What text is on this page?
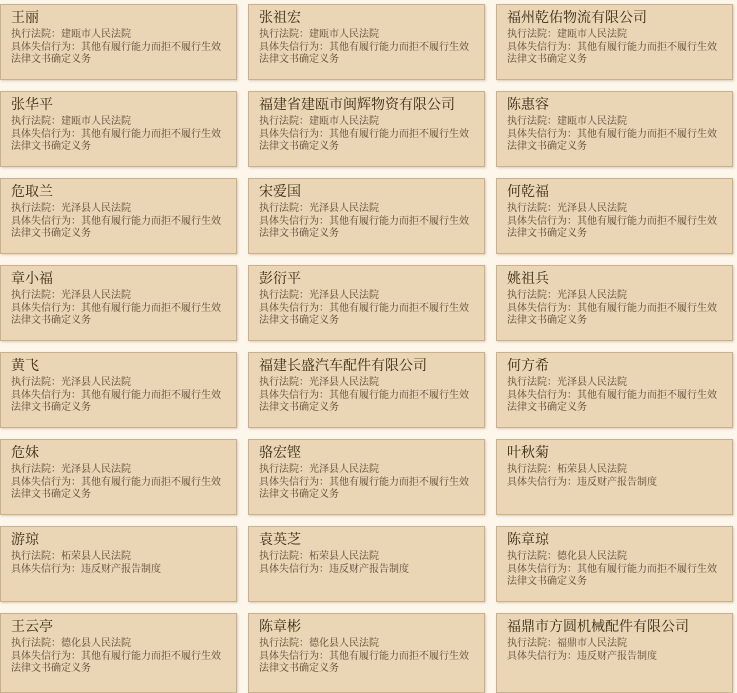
王丽
执行法院：建瓯市人民法院
具体失信行为：其他有履行能力而拒不履行生效法律文书确定义务
张祖宏
执行法院：建瓯市人民法院
具体失信行为：其他有履行能力而拒不履行生效法律文书确定义务
福州乾佑物流有限公司
执行法院：建瓯市人民法院
具体失信行为：其他有履行能力而拒不履行生效法律文书确定义务
张华平
执行法院：建瓯市人民法院
具体失信行为：其他有履行能力而拒不履行生效法律文书确定义务
福建省建瓯市闽辉物资有限公司
执行法院：建瓯市人民法院
具体失信行为：其他有履行能力而拒不履行生效法律文书确定义务
陈惠容
执行法院：建瓯市人民法院
具体失信行为：其他有履行能力而拒不履行生效法律文书确定义务
危取兰
执行法院：光泽县人民法院
具体失信行为：其他有履行能力而拒不履行生效法律文书确定义务
宋爱国
执行法院：光泽县人民法院
具体失信行为：其他有履行能力而拒不履行生效法律文书确定义务
何乾福
执行法院：光泽县人民法院
具体失信行为：其他有履行能力而拒不履行生效法律文书确定义务
章小福
执行法院：光泽县人民法院
具体失信行为：其他有履行能力而拒不履行生效法律文书确定义务
彭衍平
执行法院：光泽县人民法院
具体失信行为：其他有履行能力而拒不履行生效法律文书确定义务
姚祖兵
执行法院：光泽县人民法院
具体失信行为：其他有履行能力而拒不履行生效法律文书确定义务
黄飞
执行法院：光泽县人民法院
具体失信行为：其他有履行能力而拒不履行生效法律文书确定义务
福建长盛汽车配件有限公司
执行法院：光泽县人民法院
具体失信行为：其他有履行能力而拒不履行生效法律文书确定义务
何方希
执行法院：光泽县人民法院
具体失信行为：其他有履行能力而拒不履行生效法律文书确定义务
危妹
执行法院：光泽县人民法院
具体失信行为：其他有履行能力而拒不履行生效法律文书确定义务
骆宏铿
执行法院：光泽县人民法院
具体失信行为：其他有履行能力而拒不履行生效法律文书确定义务
叶秋菊
执行法院：柘荣县人民法院
具体失信行为：违反财产报告制度
游琼
执行法院：柘荣县人民法院
具体失信行为：违反财产报告制度
袁英芝
执行法院：柘荣县人民法院
具体失信行为：违反财产报告制度
陈章琼
执行法院：德化县人民法院
具体失信行为：其他有履行能力而拒不履行生效法律文书确定义务
王云亭
执行法院：德化县人民法院
具体失信行为：其他有履行能力而拒不履行生效法律文书确定义务
陈章彬
执行法院：德化县人民法院
具体失信行为：其他有履行能力而拒不履行生效法律文书确定义务
福鼎市方圆机械配件有限公司
执行法院：福鼎市人民法院
具体失信行为：违反财产报告制度
